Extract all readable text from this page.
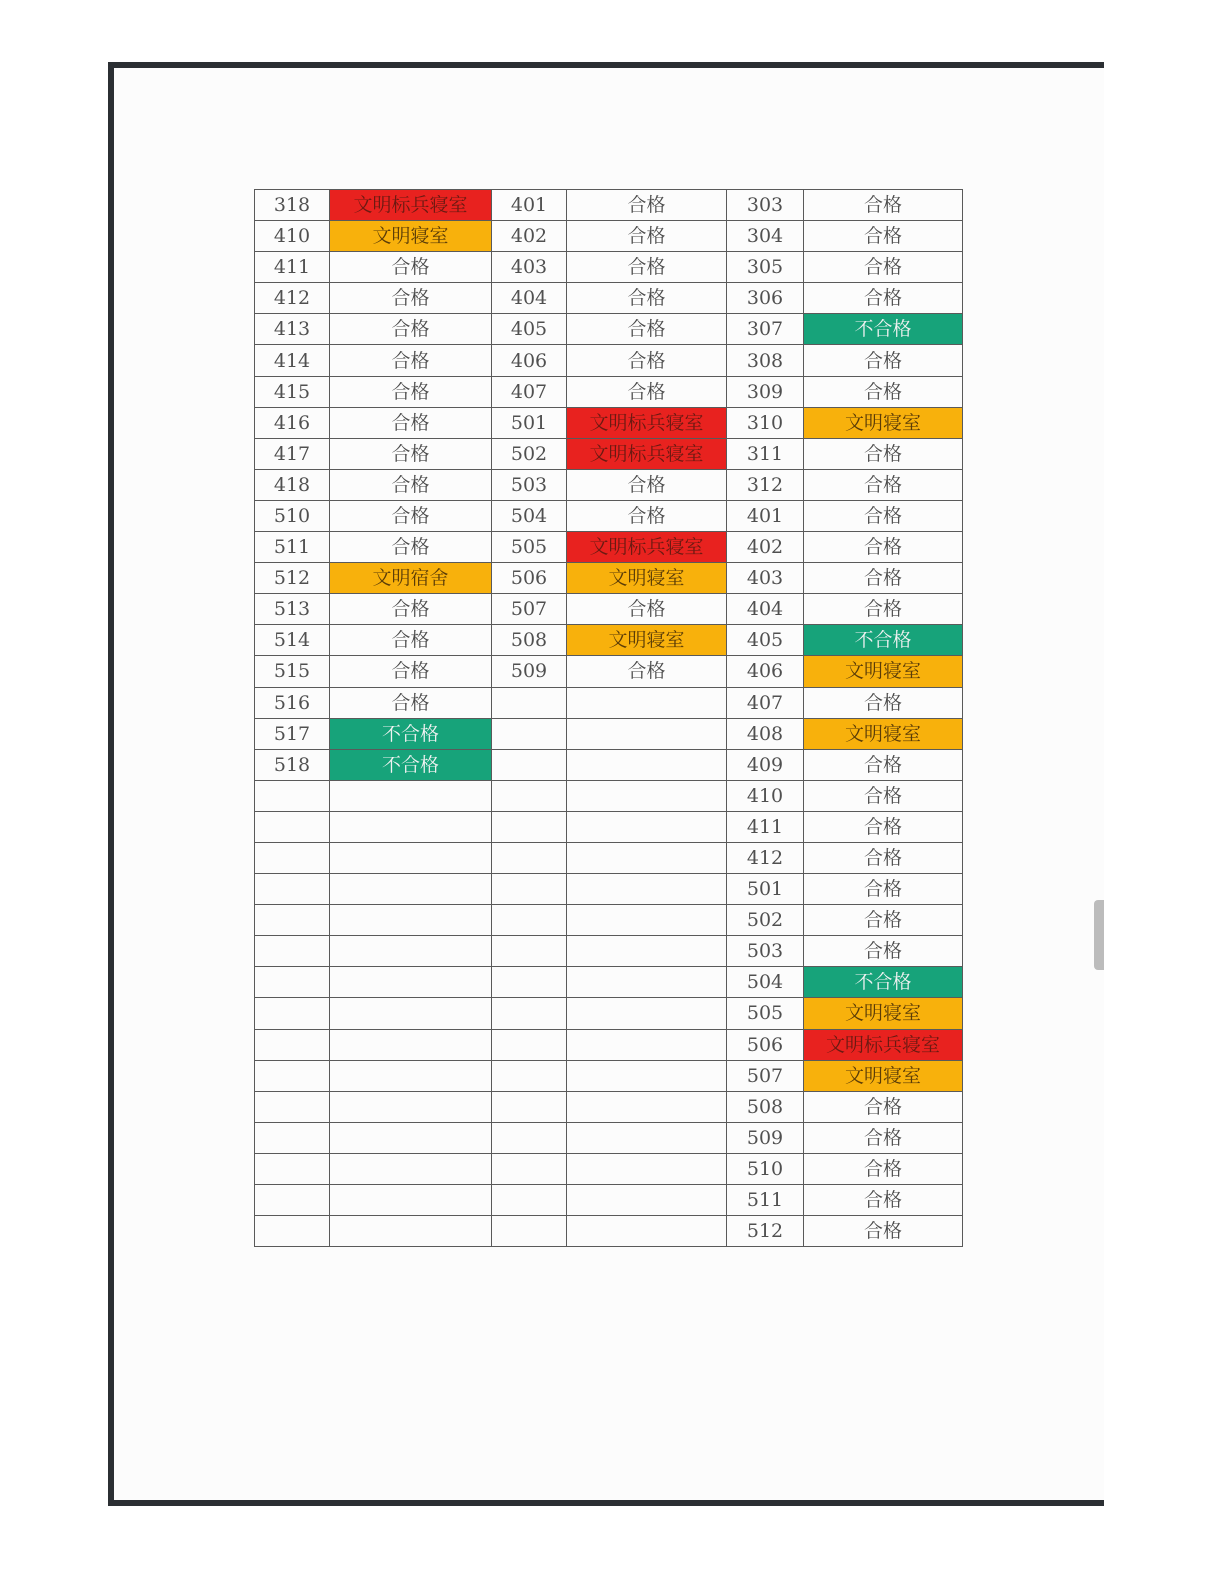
318	文明标兵寝室	401	合格	303	合格
410	文明寝室	402	合格	304	合格
411	合格	403	合格	305	合格
412	合格	404	合格	306	合格
413	合格	405	合格	307	不合格
414	合格	406	合格	308	合格
415	合格	407	合格	309	合格
416	合格	501	文明标兵寝室	310	文明寝室
417	合格	502	文明标兵寝室	311	合格
418	合格	503	合格	312	合格
510	合格	504	合格	401	合格
511	合格	505	文明标兵寝室	402	合格
512	文明宿舍	506	文明寝室	403	合格
513	合格	507	合格	404	合格
514	合格	508	文明寝室	405	不合格
515	合格	509	合格	406	文明寝室
516	合格			407	合格
517	不合格			408	文明寝室
518	不合格			409	合格
				410	合格
				411	合格
				412	合格
				501	合格
				502	合格
				503	合格
				504	不合格
				505	文明寝室
				506	文明标兵寝室
				507	文明寝室
				508	合格
				509	合格
				510	合格
				511	合格
				512	合格
